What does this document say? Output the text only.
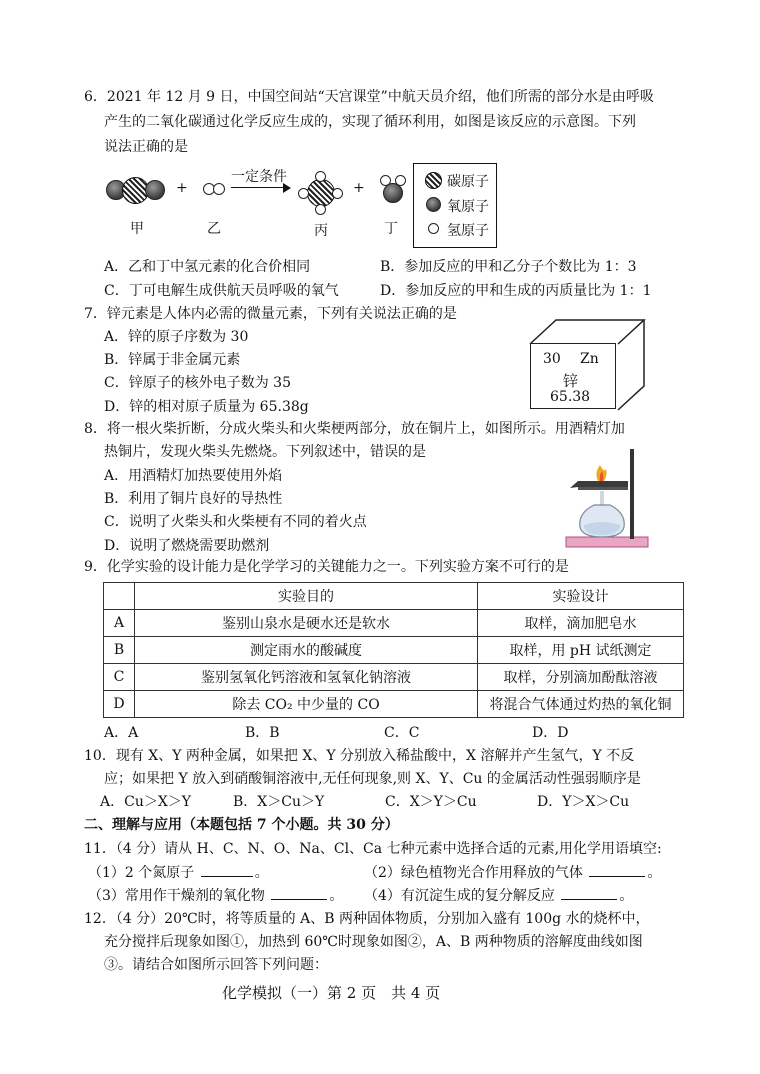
6．2021 年 12 月 9 日，中国空间站“天宫课堂”中航天员介绍，他们所需的部分水是由呼吸
产生的二氧化碳通过化学反应生成的，实现了循环利用，如图是该反应的示意图。下列
说法正确的是
+
一定条件
+
甲	乙	丙	丁
碳原子
氧原子
氢原子
A．乙和丁中氢元素的化合价相同	B．参加反应的甲和乙分子个数比为 1：3
C．丁可电解生成供航天员呼吸的氧气	D．参加反应的甲和生成的丙质量比为 1：1
7．锌元素是人体内必需的微量元素，下列有关说法正确的是
A．锌的原子序数为 30
B．锌属于非金属元素
C．锌原子的核外电子数为 35
D．锌的相对原子质量为 65.38g
30 Zn
锌
65.38
8．将一根火柴折断，分成火柴头和火柴梗两部分，放在铜片上，如图所示。用酒精灯加
热铜片，发现火柴头先燃烧。下列叙述中，错误的是
A．用酒精灯加热要使用外焰
B．利用了铜片良好的导热性
C．说明了火柴头和火柴梗有不同的着火点
D．说明了燃烧需要助燃剂
9．化学实验的设计能力是化学学习的关键能力之一。下列实验方案不可行的是
	实验目的	实验设计
A	鉴别山泉水是硬水还是软水	取样，滴加肥皂水
B	测定雨水的酸碱度	取样，用 pH 试纸测定
C	鉴别氢氧化钙溶液和氢氧化钠溶液	取样，分别滴加酚酞溶液
D	除去 CO₂ 中少量的 CO	将混合气体通过灼热的氧化铜
A．A	B．B	C．C	D．D
10．现有 X、Y 两种金属，如果把 X、Y 分别放入稀盐酸中，X 溶解并产生氢气，Y 不反
应；如果把 Y 放入到硝酸铜溶液中,无任何现象,则 X、Y、Cu 的金属活动性强弱顺序是
A．Cu＞X＞Y	B．X＞Cu＞Y	C．X＞Y＞Cu	D．Y＞X＞Cu
二、理解与应用（本题包括 7 个小题。共 30 分）
11．（4 分）请从 H、C、N、O、Na、Cl、Ca 七种元素中选择合适的元素,用化学用语填空:
（1）2 个氮原子	。	（2）绿色植物光合作用释放的气体	。
（3）常用作干燥剂的氧化物	。 （4）有沉淀生成的复分解反应	。
12．（4 分）20℃时，将等质量的 A、B 两种固体物质，分别加入盛有 100g 水的烧杯中，
充分搅拌后现象如图①，加热到 60℃时现象如图②，A、B 两种物质的溶解度曲线如图
③。请结合如图所示回答下列问题：
化学模拟（一）第 2 页　共 4 页
